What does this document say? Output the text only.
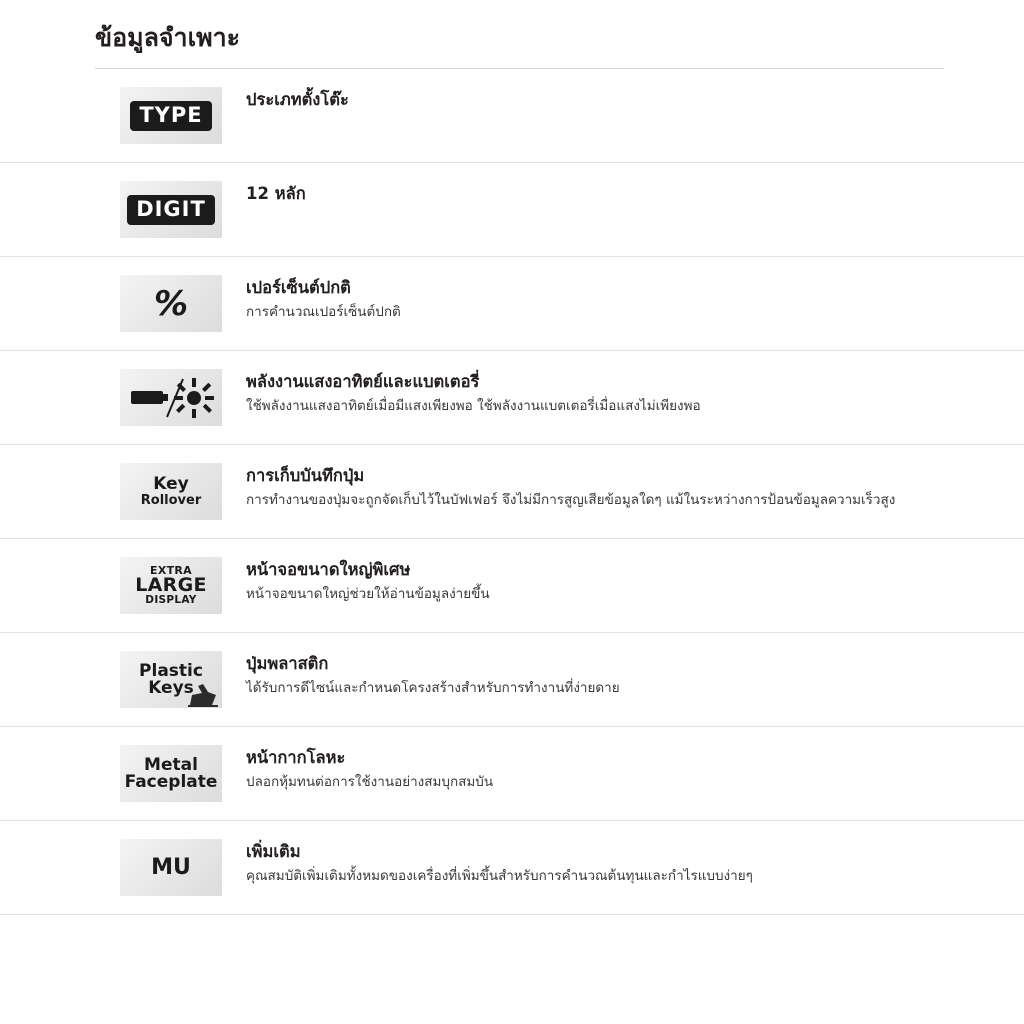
ข้อมูลจำเพาะ
TYPE
ประเภทตั้งโต๊ะ
DIGIT
12 หลัก
%	เปอร์เซ็นต์ปกติ
การคำนวณเปอร์เซ็นต์ปกติ
พลังงานแสงอาทิตย์และแบตเตอรี่
ใช้พลังงานแสงอาทิตย์เมื่อมีแสงเพียงพอ ใช้พลังงานแบตเตอรี่เมื่อแสงไม่เพียงพอ
Key
Rollover
การเก็บบันทึกปุ่ม
การทำงานของปุ่มจะถูกจัดเก็บไว้ในบัฟเฟอร์ จึงไม่มีการสูญเสียข้อมูลใดๆ แม้ในระหว่างการป้อนข้อมูลความเร็วสูง
EXTRA
LARGE
DISPLAY
หน้าจอขนาดใหญ่พิเศษ
หน้าจอขนาดใหญ่ช่วยให้อ่านข้อมูลง่ายขึ้น
Plastic
Keys
ปุ่มพลาสติก
ได้รับการดีไซน์และกำหนดโครงสร้างสำหรับการทำงานที่ง่ายดาย
Metal
Faceplate
หน้ากากโลหะ
ปลอกหุ้มทนต่อการใช้งานอย่างสมบุกสมบัน
MU
เพิ่มเติม
คุณสมบัติเพิ่มเติมทั้งหมดของเครื่องที่เพิ่มขึ้นสำหรับการคำนวณต้นทุนและกำไรแบบง่ายๆ
